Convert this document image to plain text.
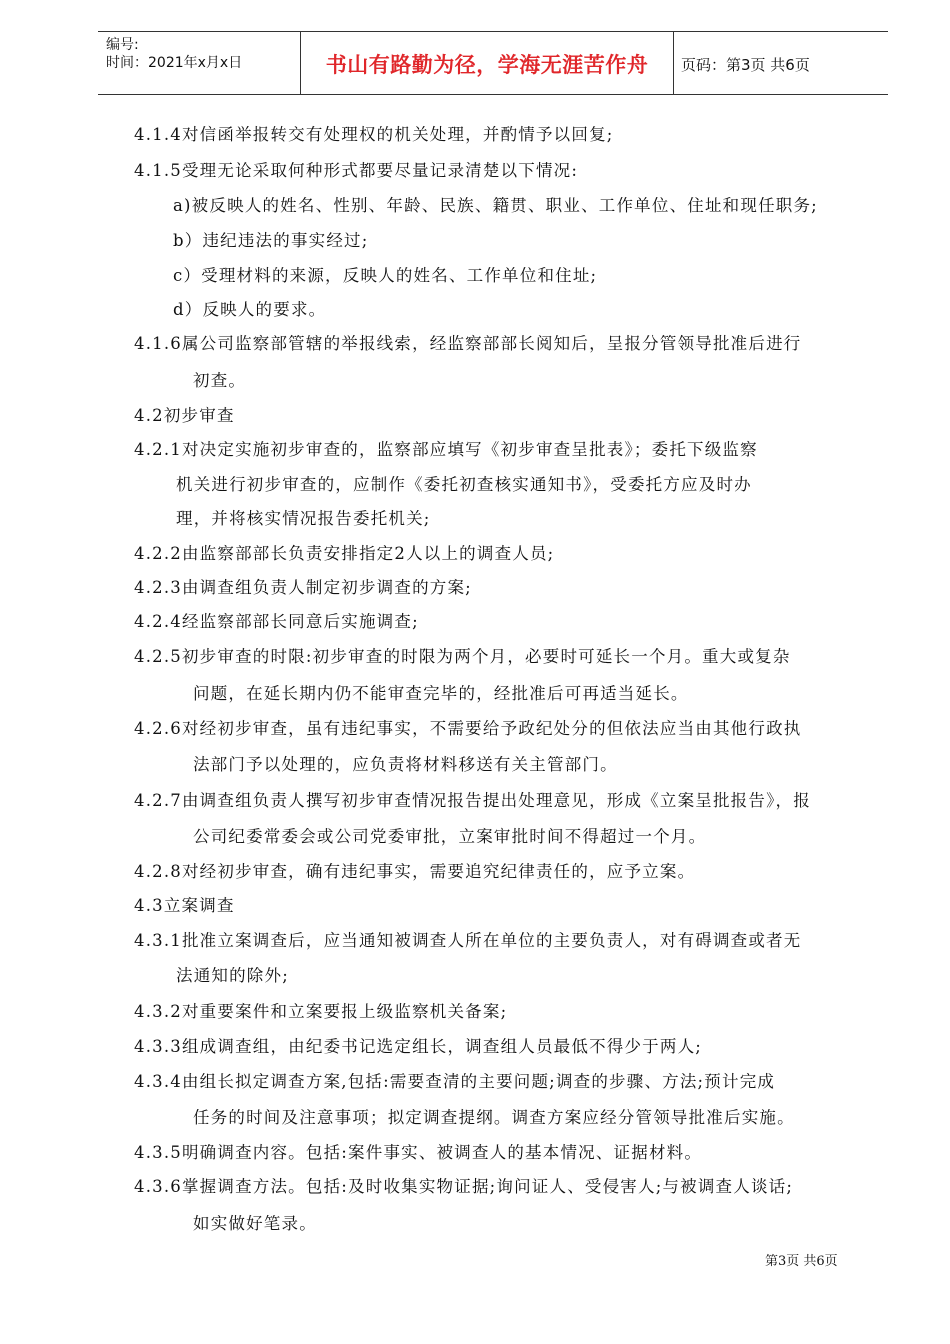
编号:
时间：2021年x月x日	书山有路勤为径，学海无涯苦作舟	页码：第3页 共6页
4.1.4对信函举报转交有处理权的机关处理，并酌情予以回复;
4.1.5受理无论采取何种形式都要尽量记录清楚以下情况:
a)被反映人的姓名、性别、年龄、民族、籍贯、职业、工作单位、住址和现任职务;
b）违纪违法的事实经过;
c）受理材料的来源，反映人的姓名、工作单位和住址;
d）反映人的要求。
4.1.6属公司监察部管辖的举报线索，经监察部部长阅知后，呈报分管领导批准后进行
初查。
4.2初步审查
4.2.1对决定实施初步审查的，监察部应填写《初步审查呈批表》；委托下级监察
机关进行初步审查的，应制作《委托初查核实通知书》，受委托方应及时办
理，并将核实情况报告委托机关;
4.2.2由监察部部长负责安排指定2人以上的调查人员;
4.2.3由调查组负责人制定初步调查的方案;
4.2.4经监察部部长同意后实施调查;
4.2.5初步审查的时限:初步审查的时限为两个月，必要时可延长一个月。重大或复杂
问题，在延长期内仍不能审查完毕的，经批准后可再适当延长。
4.2.6对经初步审查，虽有违纪事实，不需要给予政纪处分的但依法应当由其他行政执
法部门予以处理的，应负责将材料移送有关主管部门。
4.2.7由调查组负责人撰写初步审查情况报告提出处理意见，形成《立案呈批报告》，报
公司纪委常委会或公司党委审批，立案审批时间不得超过一个月。
4.2.8对经初步审查，确有违纪事实，需要追究纪律责任的，应予立案。
4.3立案调查
4.3.1批准立案调查后，应当通知被调查人所在单位的主要负责人，对有碍调查或者无
法通知的除外;
4.3.2对重要案件和立案要报上级监察机关备案;
4.3.3组成调查组，由纪委书记选定组长，调查组人员最低不得少于两人;
4.3.4由组长拟定调查方案,包括:需要查清的主要问题;调查的步骤、方法;预计完成
任务的时间及注意事项；拟定调查提纲。调查方案应经分管领导批准后实施。
4.3.5明确调查内容。包括:案件事实、被调查人的基本情况、证据材料。
4.3.6掌握调查方法。包括:及时收集实物证据;询问证人、受侵害人;与被调查人谈话;
如实做好笔录。
第3页 共6页
